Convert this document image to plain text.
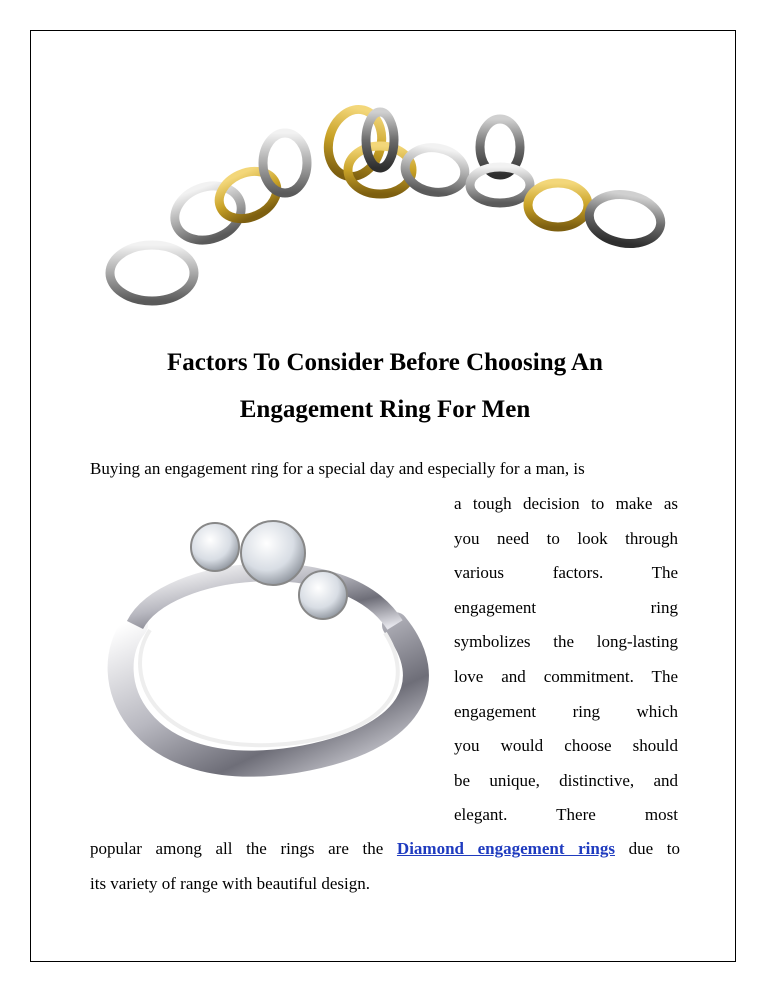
Factors To Consider Before Choosing An
Engagement Ring For Men

Buying an engagement ring for a special day and especially for a man, is

a tough decision to make as
you need to look through
various factors. The
engagement ring
symbolizes the long-lasting
love and commitment. The
engagement ring which
you would choose should
be unique, distinctive, and
elegant. There most
popular among all the rings are the Diamond engagement rings due to
its variety of range with beautiful design.
